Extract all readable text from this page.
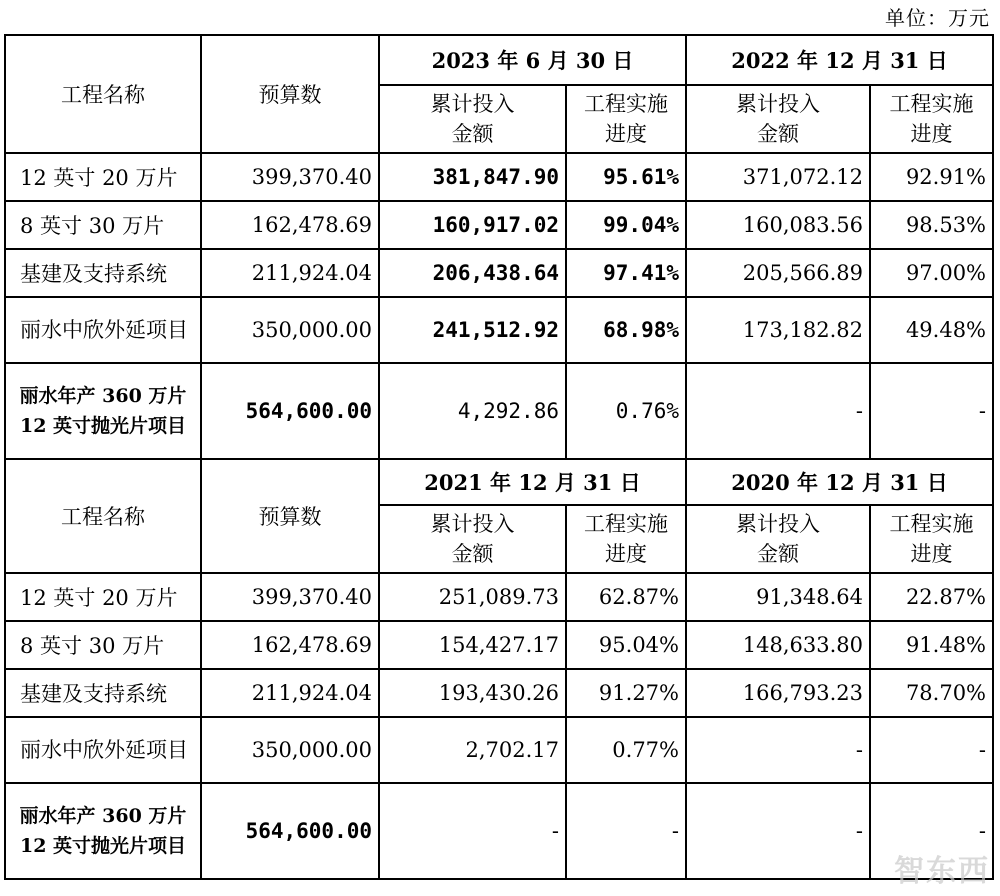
单位：万元
工程名称	预算数	2023 年 6 月 30 日		2022 年 12 月 31 日	
		累计投入金额	工程实施进度	累计投入金额	工程实施进度
12 英寸 20 万片	399,370.40	381,847.90	95.61%	371,072.12	92.91%
8 英寸 30 万片	162,478.69	160,917.02	99.04%	160,083.56	98.53%
基建及支持系统	211,924.04	206,438.64	97.41%	205,566.89	97.00%
丽水中欣外延项目	350,000.00	241,512.92	68.98%	173,182.82	49.48%
丽水年产 360 万片 12 英寸抛光片项目	564,600.00	4,292.86	0.76%	-	-
工程名称	预算数	2021 年 12 月 31 日		2020 年 12 月 31 日	
		累计投入金额	工程实施进度	累计投入金额	工程实施进度
12 英寸 20 万片	399,370.40	251,089.73	62.87%	91,348.64	22.87%
8 英寸 30 万片	162,478.69	154,427.17	95.04%	148,633.80	91.48%
基建及支持系统	211,924.04	193,430.26	91.27%	166,793.23	78.70%
丽水中欣外延项目	350,000.00	2,702.17	0.77%	-	-
丽水年产 360 万片 12 英寸抛光片项目	564,600.00	-	-	-	-
智东西
